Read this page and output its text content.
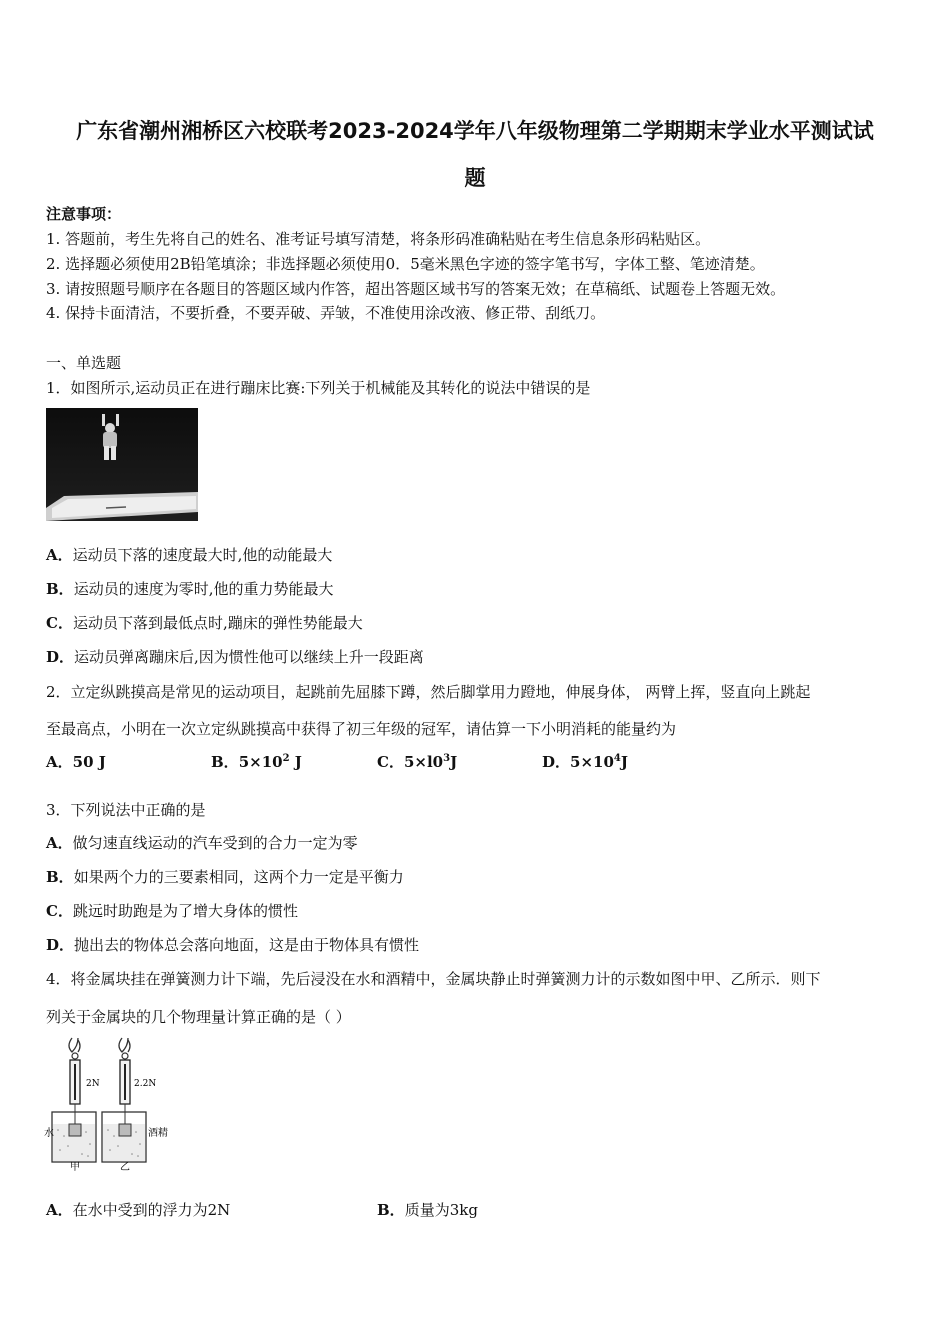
广东省潮州湘桥区六校联考2023-2024学年八年级物理第二学期期末学业水平测试试
题
注意事项：
1. 答题前，考生先将自己的姓名、准考证号填写清楚，将条形码准确粘贴在考生信息条形码粘贴区。
2. 选择题必须使用2B铅笔填涂；非选择题必须使用0．5毫米黑色字迹的签字笔书写，字体工整、笔迹清楚。
3. 请按照题号顺序在各题目的答题区域内作答，超出答题区域书写的答案无效；在草稿纸、试题卷上答题无效。
4. 保持卡面清洁，不要折叠，不要弄破、弄皱，不准使用涂改液、修正带、刮纸刀。
一、单选题
1．如图所示,运动员正在进行蹦床比赛:下列关于机械能及其转化的说法中错误的是
A．运动员下落的速度最大时,他的动能最大
B．运动员的速度为零时,他的重力势能最大
C．运动员下落到最低点时,蹦床的弹性势能最大
D．运动员弹离蹦床后,因为惯性他可以继续上升一段距离
2．立定纵跳摸高是常见的运动项目，起跳前先屈膝下蹲，然后脚掌用力蹬地，伸展身体， 两臂上挥，竖直向上跳起
至最高点，小明在一次立定纵跳摸高中获得了初三年级的冠军，请估算一下小明消耗的能量约为
A．50 J	B．$5\times 10^2$ J	C．$5\times l0^3J$	D．$5\times 10^4J$
3．下列说法中正确的是
A．做匀速直线运动的汽车受到的合力一定为零
B．如果两个力的三要素相同，这两个力一定是平衡力
C．跳远时助跑是为了增大身体的惯性
D．抛出去的物体总会落向地面，这是由于物体具有惯性
4．将金属块挂在弹簧测力计下端，先后浸没在水和酒精中，金属块静止时弹簧测力计的示数如图中甲、乙所示．则下
列关于金属块的几个物理量计算正确的是（ ）
2N	2.2N
水	酒精
甲	乙
A．在水中受到的浮力为2N	B．质量为3kg
